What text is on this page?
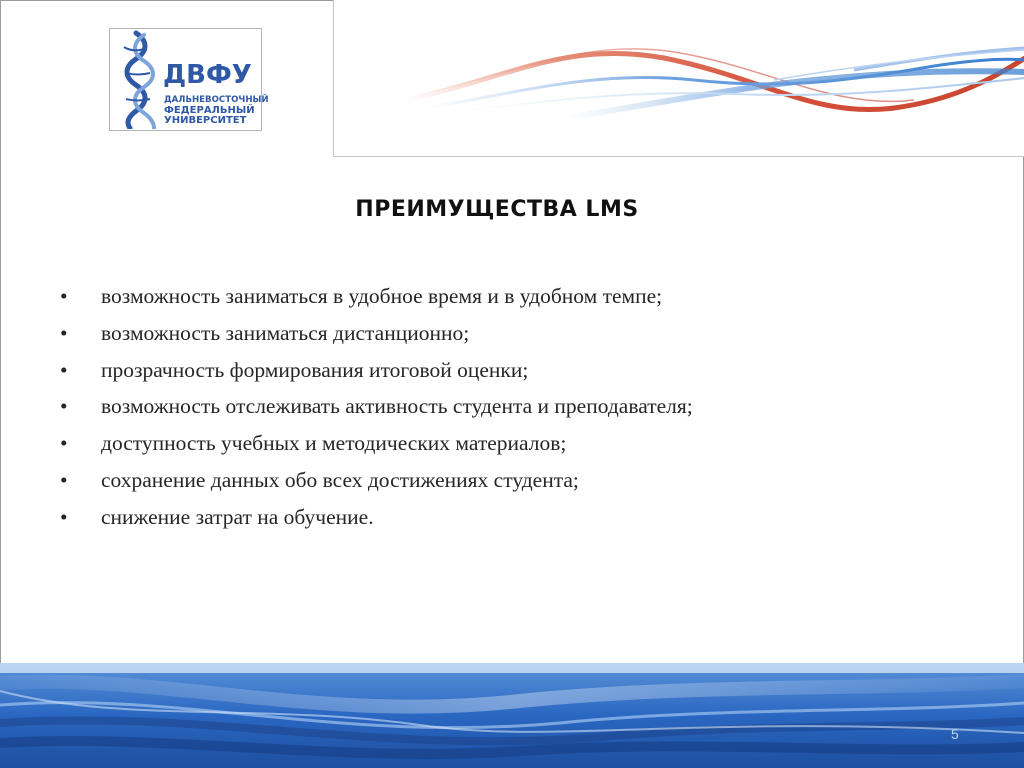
ДВФУ
ДАЛЬНЕВОСТОЧНЫЙ
ФЕДЕРАЛЬНЫЙ
УНИВЕРСИТЕТ
ПРЕИМУЩЕСТВА LMS
• возможность заниматься в удобное время и в удобном темпе;
• возможность заниматься дистанционно;
• прозрачность формирования итоговой оценки;
• возможность отслеживать активность студента и преподавателя;
• доступность учебных и методических материалов;
• сохранение данных обо всех достижениях студента;
• снижение затрат на обучение.
5
